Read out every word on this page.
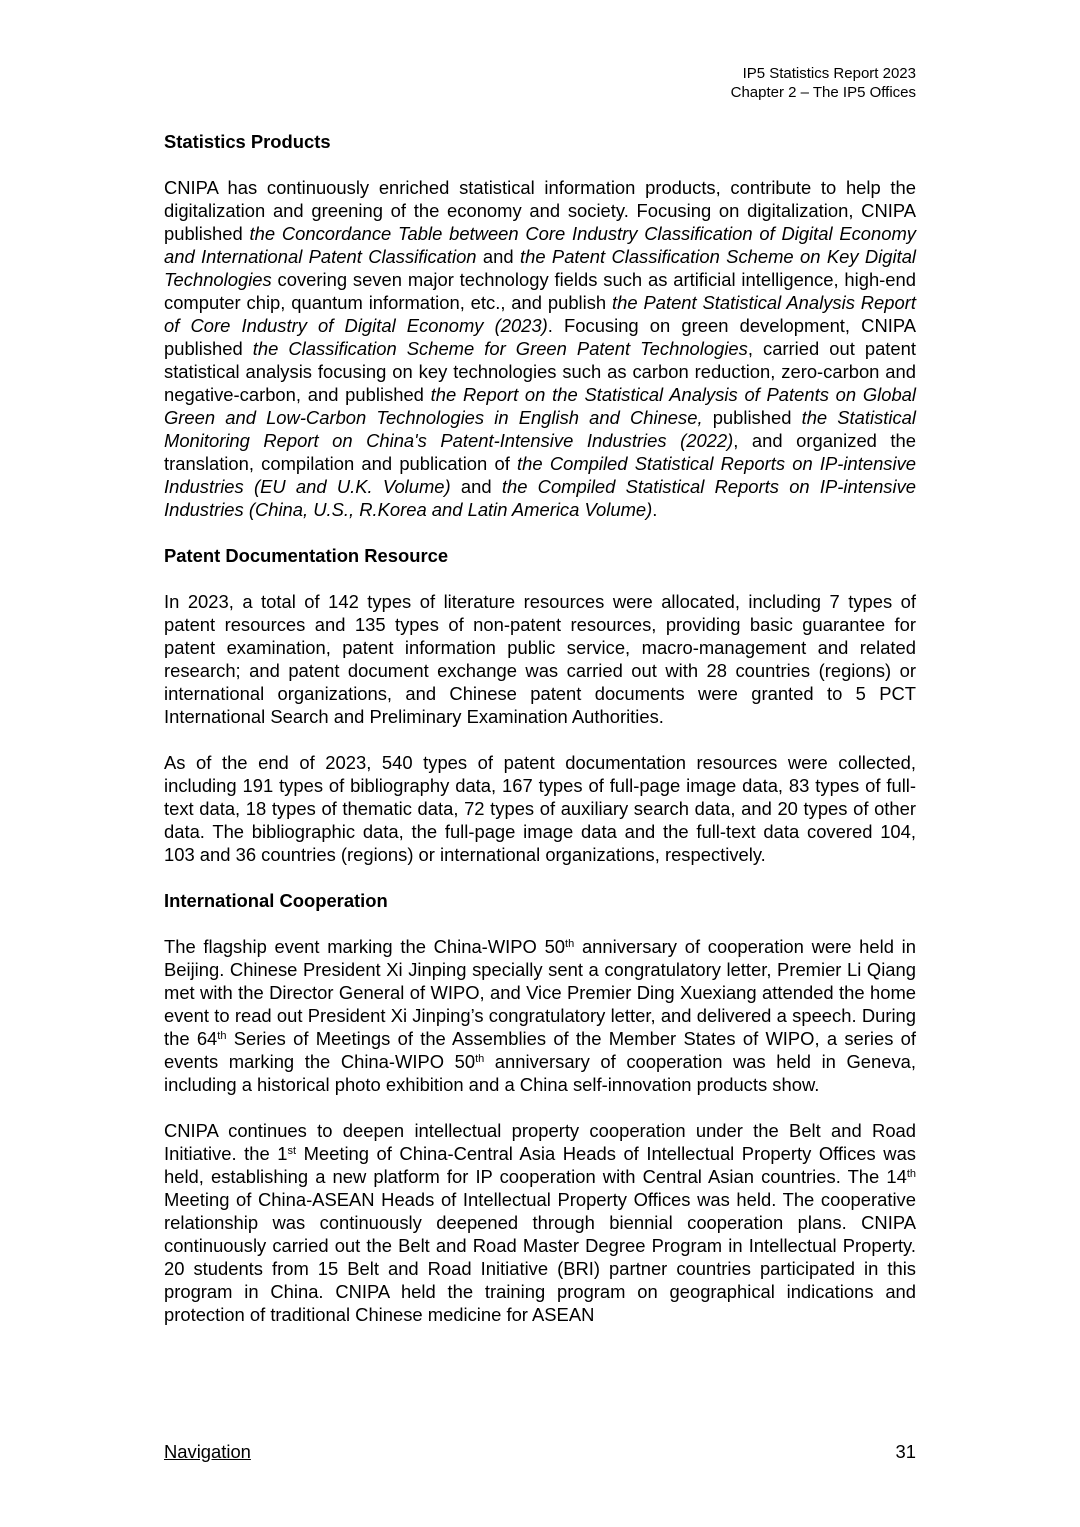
IP5 Statistics Report 2023
Chapter 2 – The IP5 Offices
Statistics Products

CNIPA has continuously enriched statistical information products, contribute to help the digitalization and greening of the economy and society. Focusing on digitalization, CNIPA published the Concordance Table between Core Industry Classification of Digital Economy and International Patent Classification and the Patent Classification Scheme on Key Digital Technologies covering seven major technology fields such as artificial intelligence, high-end computer chip, quantum information, etc., and publish the Patent Statistical Analysis Report of Core Industry of Digital Economy (2023). Focusing on green development, CNIPA published the Classification Scheme for Green Patent Technologies, carried out patent statistical analysis focusing on key technologies such as carbon reduction, zero-carbon and negative-carbon, and published the Report on the Statistical Analysis of Patents on Global Green and Low-Carbon Technologies in English and Chinese, published the Statistical Monitoring Report on China's Patent-Intensive Industries (2022), and organized the translation, compilation and publication of the Compiled Statistical Reports on IP-intensive Industries (EU and U.K. Volume) and the Compiled Statistical Reports on IP-intensive Industries (China, U.S., R.Korea and Latin America Volume).

Patent Documentation Resource

In 2023, a total of 142 types of literature resources were allocated, including 7 types of patent resources and 135 types of non-patent resources, providing basic guarantee for patent examination, patent information public service, macro-management and related research; and patent document exchange was carried out with 28 countries (regions) or international organizations, and Chinese patent documents were granted to 5 PCT International Search and Preliminary Examination Authorities.

As of the end of 2023, 540 types of patent documentation resources were collected, including 191 types of bibliography data, 167 types of full-page image data, 83 types of full-text data, 18 types of thematic data, 72 types of auxiliary search data, and 20 types of other data. The bibliographic data, the full-page image data and the full-text data covered 104, 103 and 36 countries (regions) or international organizations, respectively.

International Cooperation

The flagship event marking the China-WIPO 50th anniversary of cooperation were held in Beijing. Chinese President Xi Jinping specially sent a congratulatory letter, Premier Li Qiang met with the Director General of WIPO, and Vice Premier Ding Xuexiang attended the home event to read out President Xi Jinping’s congratulatory letter, and delivered a speech. During the 64th Series of Meetings of the Assemblies of the Member States of WIPO, a series of events marking the China-WIPO 50th anniversary of cooperation was held in Geneva, including a historical photo exhibition and a China self-innovation products show.

CNIPA continues to deepen intellectual property cooperation under the Belt and Road Initiative. the 1st Meeting of China-Central Asia Heads of Intellectual Property Offices was held, establishing a new platform for IP cooperation with Central Asian countries. The 14th Meeting of China-ASEAN Heads of Intellectual Property Offices was held. The cooperative relationship was continuously deepened through biennial cooperation plans. CNIPA continuously carried out the Belt and Road Master Degree Program in Intellectual Property. 20 students from 15 Belt and Road Initiative (BRI) partner countries participated in this program in China. CNIPA held the training program on geographical indications and protection of traditional Chinese medicine for ASEAN

Navigation	31
